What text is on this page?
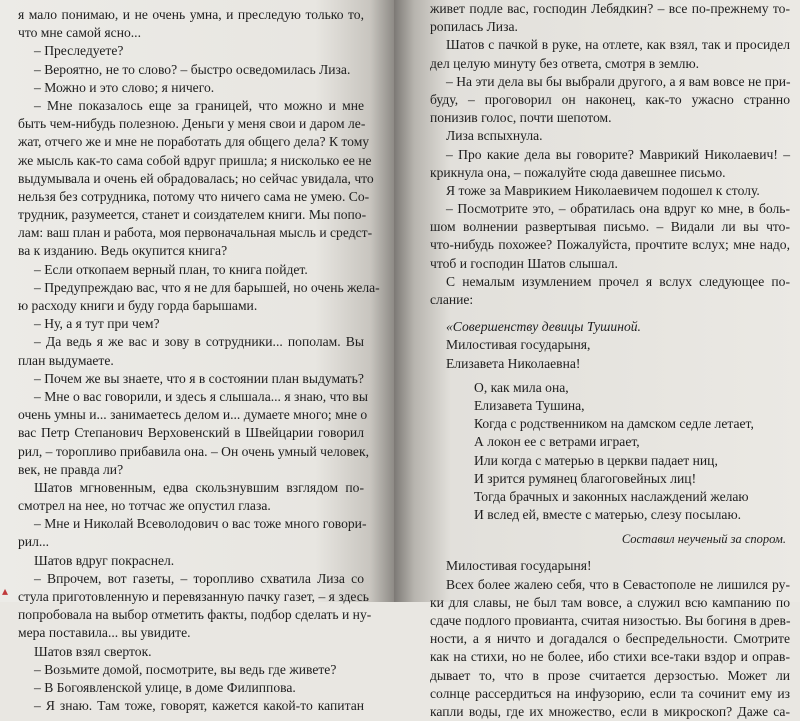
я мало понимаю, и не очень умна, и преследую только то,
что мне самой ясно...
– Преследуете?
– Вероятно, не то слово? – быстро осведомилась Лиза.
– Можно и это слово; я ничего.
– Мне показалось еще за границей, что можно и мне
быть чем-нибудь полезною. Деньги у меня свои и даром ле-
жат, отчего же и мне не поработать для общего дела? К тому
же мысль как-то сама собой вдруг пришла; я нисколько ее не
выдумывала и очень ей обрадовалась; но сейчас увидала, что
нельзя без сотрудника, потому что ничего сама не умею. Со-
трудник, разумеется, станет и соиздателем книги. Мы попо-
лам: ваш план и работа, моя первоначальная мысль и средст-
ва к изданию. Ведь окупится книга?
– Если откопаем верный план, то книга пойдет.
– Предупреждаю вас, что я не для барышей, но очень жела-
ю расходу книги и буду горда барышами.
– Ну, а я тут при чем?
– Да ведь я же вас и зову в сотрудники... пополам. Вы
план выдумаете.
– Почем же вы знаете, что я в состоянии план выдумать?
– Мне о вас говорили, и здесь я слышала... я знаю, что вы
очень умны и... занимаетесь делом и... думаете много; мне о
вас Петр Степанович Верховенский в Швейцарии говорил
рил, – торопливо прибавила она. – Он очень умный человек,
век, не правда ли?
Шатов мгновенным, едва скользнувшим взглядом по-
смотрел на нее, но тотчас же опустил глаза.
– Мне и Николай Всеволодович о вас тоже много говори-
рил...
Шатов вдруг покраснел.
– Впрочем, вот газеты, – торопливо схватила Лиза со
стула приготовленную и перевязанную пачку газет, – я здесь
попробовала на выбор отметить факты, подбор сделать и ну-
мера поставила... вы увидите.
Шатов взял сверток.
– Возьмите домой, посмотрите, вы ведь где живете?
– В Богоявленской улице, в доме Филиппова.
– Я знаю. Там тоже, говорят, кажется какой-то капитан
живет подле вас, господин Лебядкин? – все по-прежнему то-
ропилась Лиза.
Шатов с пачкой в руке, на отлете, как взял, так и просидел
дел целую минуту без ответа, смотря в землю.
– На эти дела вы бы выбрали другого, а я вам вовсе не при-
буду, – проговорил он наконец, как-то ужасно странно
понизив голос, почти шепотом.
Лиза вспыхнула.
– Про какие дела вы говорите? Маврикий Николаевич! –
крикнула она, – пожалуйте сюда давешнее письмо.
Я тоже за Маврикием Николаевичем подошел к столу.
– Посмотрите это, – обратилась она вдруг ко мне, в боль-
шом волнении развертывая письмо. – Видали ли вы что-
что-нибудь похожее? Пожалуйста, прочтите вслух; мне надо,
чтоб и господин Шатов слышал.
С немалым изумлением прочел я вслух следующее по-
слание:
«Совершенству девицы Тушиной.
Милостивая государыня,
Елизавета Николаевна!
О, как мила она,
Елизавета Тушина,
Когда с родственником на дамском седле летает,
А локон ее с ветрами играет,
Или когда с матерью в церкви падает ниц,
И зрится румянец благоговейных лиц!
Тогда брачных и законных наслаждений желаю
И вслед ей, вместе с матерью, слезу посылаю.
Составил неученый за спором.
Милостивая государыня!
Всех более жалею себя, что в Севастополе не лишился ру-
ки для славы, не был там вовсе, а служил всю кампанию по
сдаче подлого провианта, считая низостью. Вы богиня в древ-
ности, а я ничто и догадался о беспредельности. Смотрите
как на стихи, но не более, ибо стихи все-таки вздор и оправ-
дывает то, что в прозе считается дерзостью. Может ли
солнце рассердиться на инфузорию, если та сочинит ему из
капли воды, где их множество, если в микроскоп? Даже са-
▴
